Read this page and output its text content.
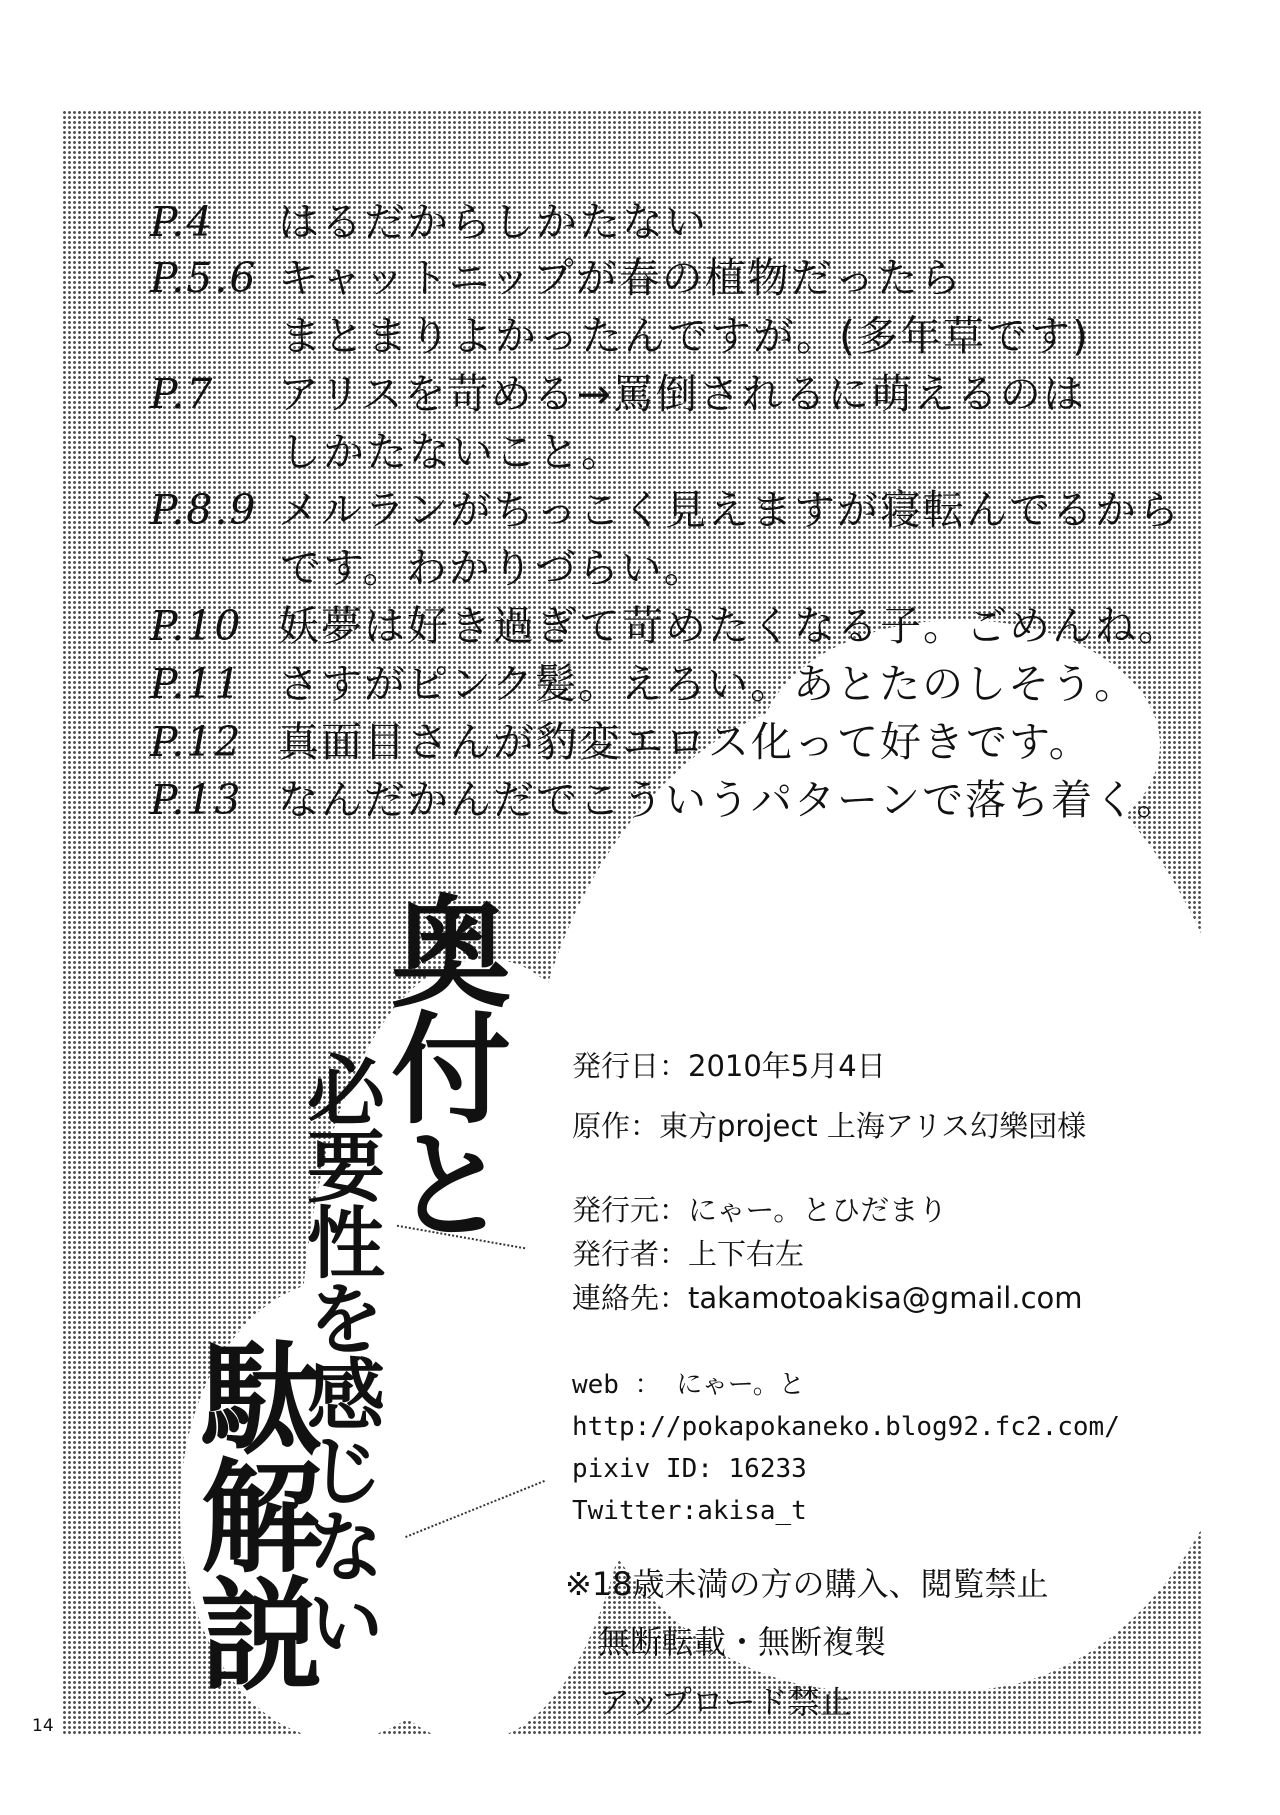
P.4 はるだからしかたない
P.5.6 キャットニップが春の植物だったら
まとまりよかったんですが。(多年草です)
P.7 アリスを苛める→罵倒されるに萌えるのは
しかたないこと。
P.8.9 メルランがちっこく見えますが寝転んでるから
です。わかりづらい。
P.10 妖夢は好き過ぎて苛めたくなる子。ごめんね。
P.11 さすがピンク髪。えろい。あとたのしそう。
P.12 真面目さんが豹変エロス化って好きです。
P.13 なんだかんだでこういうパターンで落ち着く。
奥付と
必要性を感じない
駄解説
発行日：2010年5月4日
原作：東方project 上海アリス幻樂団様
発行元：にゃー。とひだまり
発行者：上下右左
連絡先：takamotoakisa@gmail.com
web ： にゃー。と
http://pokapokaneko.blog92.fc2.com/
pixiv ID: 16233
Twitter:akisa_t
※18歳未満の方の購入、閲覧禁止
無断転載・無断複製
アップロード禁止
14
